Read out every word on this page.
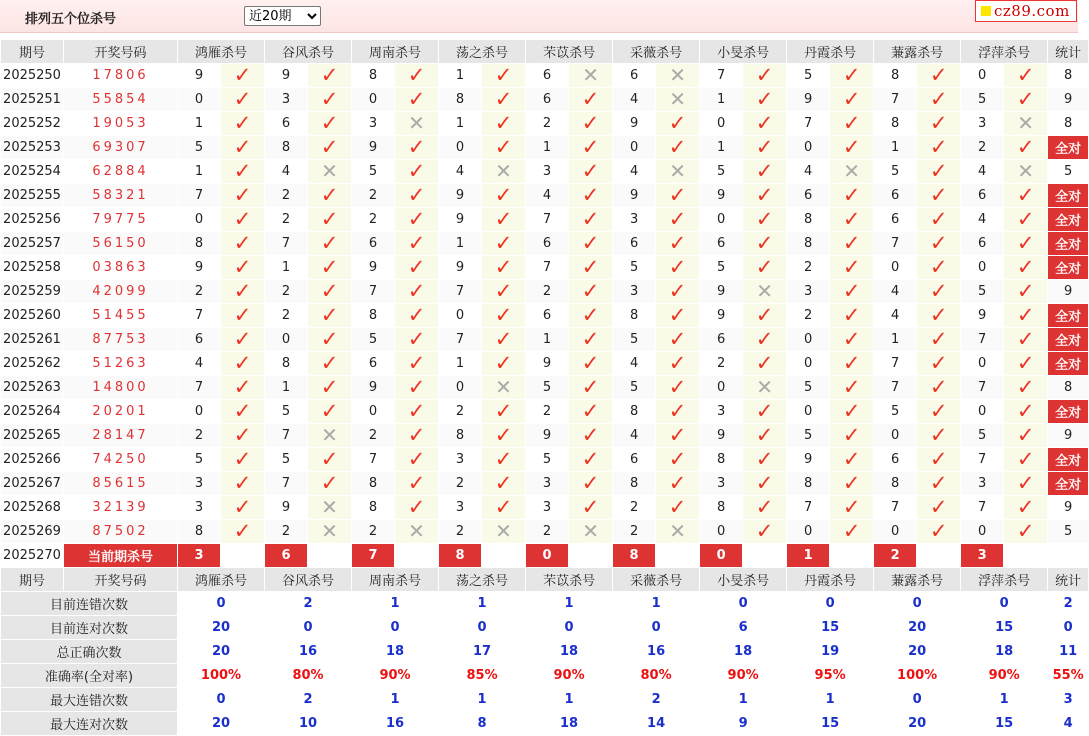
排列五个位杀号
近20期	cz89.com
期号	开奖号码	鸿雁杀号		谷风杀号		周南杀号		荡之杀号		芣苡杀号		采薇杀号		小旻杀号		丹霞杀号		蒹露杀号		浮萍杀号		统计
2025250	17806	9	✓	9	✓	8	✓	1	✓	6	✕	6	✕	7	✓	5	✓	8	✓	0	✓	8
2025251	55854	0	✓	3	✓	0	✓	8	✓	6	✓	4	✕	1	✓	9	✓	7	✓	5	✓	9
2025252	19053	1	✓	6	✓	3	✕	1	✓	2	✓	9	✓	0	✓	7	✓	8	✓	3	✕	8
2025253	69307	5	✓	8	✓	9	✓	0	✓	1	✓	0	✓	1	✓	0	✓	1	✓	2	✓	全对
2025254	62884	1	✓	4	✕	5	✓	4	✕	3	✓	4	✕	5	✓	4	✕	5	✓	4	✕	5
2025255	58321	7	✓	2	✓	2	✓	9	✓	4	✓	9	✓	9	✓	6	✓	6	✓	6	✓	全对
2025256	79775	0	✓	2	✓	2	✓	9	✓	7	✓	3	✓	0	✓	8	✓	6	✓	4	✓	全对
2025257	56150	8	✓	7	✓	6	✓	1	✓	6	✓	6	✓	6	✓	8	✓	7	✓	6	✓	全对
2025258	03863	9	✓	1	✓	9	✓	9	✓	7	✓	5	✓	5	✓	2	✓	0	✓	0	✓	全对
2025259	42099	2	✓	2	✓	7	✓	7	✓	2	✓	3	✓	9	✕	3	✓	4	✓	5	✓	9
2025260	51455	7	✓	2	✓	8	✓	0	✓	6	✓	8	✓	9	✓	2	✓	4	✓	9	✓	全对
2025261	87753	6	✓	0	✓	5	✓	7	✓	1	✓	5	✓	6	✓	0	✓	1	✓	7	✓	全对
2025262	51263	4	✓	8	✓	6	✓	1	✓	9	✓	4	✓	2	✓	0	✓	7	✓	0	✓	全对
2025263	14800	7	✓	1	✓	9	✓	0	✕	5	✓	5	✓	0	✕	5	✓	7	✓	7	✓	8
2025264	20201	0	✓	5	✓	0	✓	2	✓	2	✓	8	✓	3	✓	0	✓	5	✓	0	✓	全对
2025265	28147	2	✓	7	✕	2	✓	8	✓	9	✓	4	✓	9	✓	5	✓	0	✓	5	✓	9
2025266	74250	5	✓	5	✓	7	✓	3	✓	5	✓	6	✓	8	✓	9	✓	6	✓	7	✓	全对
2025267	85615	3	✓	7	✓	8	✓	2	✓	3	✓	8	✓	3	✓	8	✓	8	✓	3	✓	全对
2025268	32139	3	✓	9	✕	8	✓	3	✓	3	✓	2	✓	8	✓	7	✓	7	✓	7	✓	9
2025269	87502	8	✓	2	✕	2	✕	2	✕	2	✕	2	✕	0	✓	0	✓	0	✓	0	✓	5
2025270	当前期杀号	3		6		7		8		0		8		0		1		2		3		
期号	开奖号码	鸿雁杀号		谷风杀号		周南杀号		荡之杀号		芣苡杀号		采薇杀号		小旻杀号		丹霞杀号		蒹露杀号		浮萍杀号		统计
目前连错次数		0		2		1		1		1		1		0		0		0		0		2
目前连对次数		20		0		0		0		0		0		6		15		20		15		0
总正确次数		20		16		18		17		18		16		18		19		20		18		11
准确率(全对率)		100%		80%		90%		85%		90%		80%		90%		95%		100%		90%		55%
最大连错次数		0		2		1		1		1		2		1		1		0		1		3
最大连对次数		20		10		16		8		18		14		9		15		20		15		4
